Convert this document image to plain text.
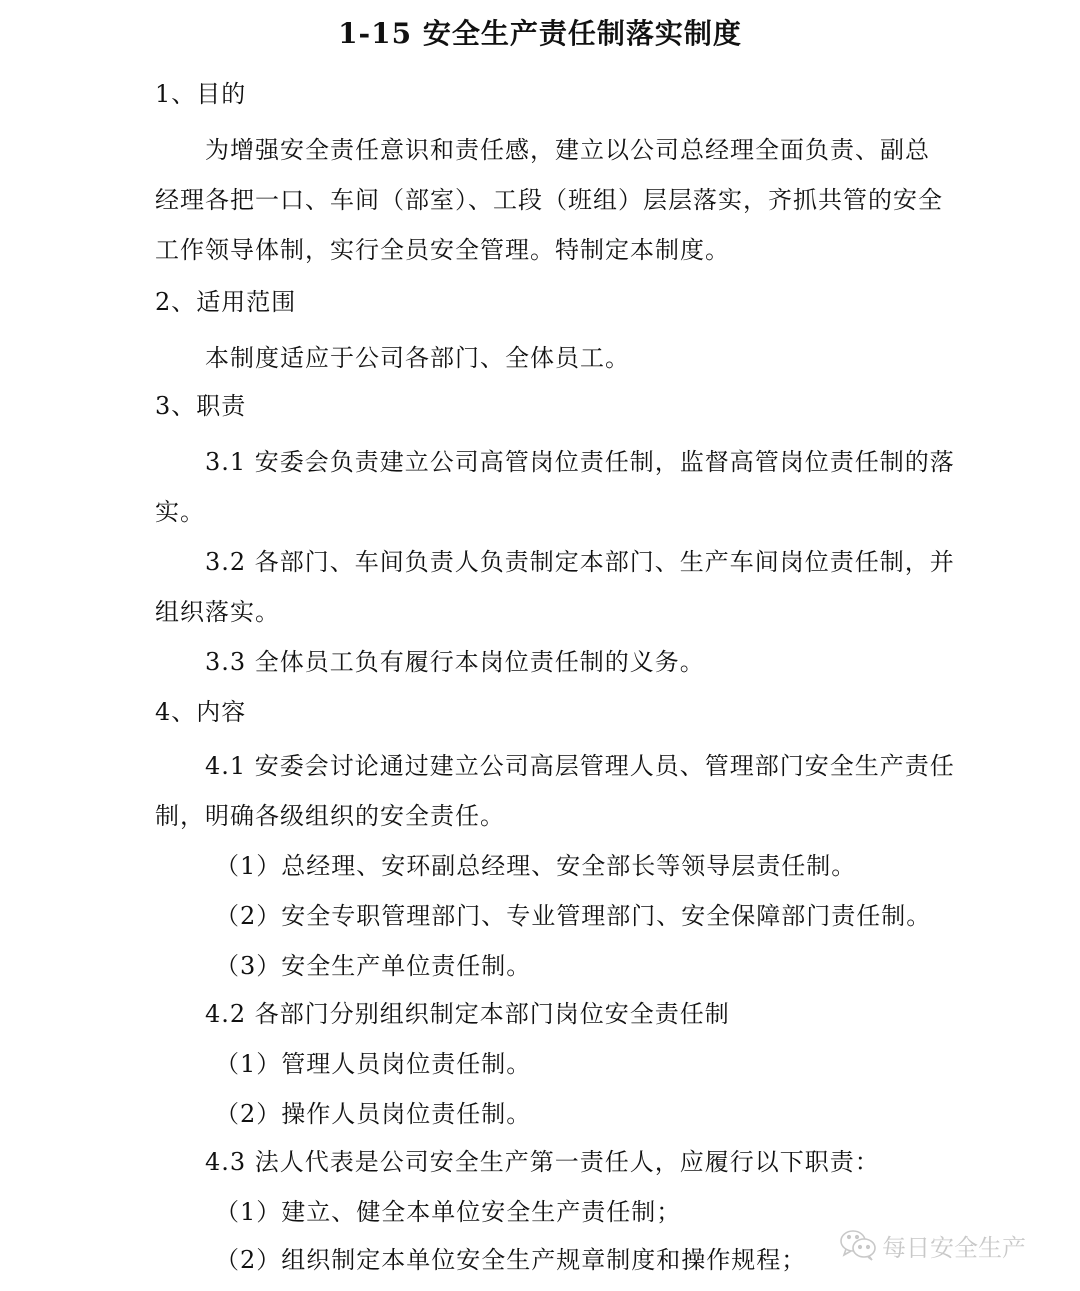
1-15 安全生产责任制落实制度
1、目的
为增强安全责任意识和责任感，建立以公司总经理全面负责、副总
经理各把一口、车间（部室）、工段（班组）层层落实，齐抓共管的安全
工作领导体制，实行全员安全管理。特制定本制度。
2、适用范围
本制度适应于公司各部门、全体员工。
3、职责
3.1 安委会负责建立公司高管岗位责任制，监督高管岗位责任制的落
实。
3.2 各部门、车间负责人负责制定本部门、生产车间岗位责任制，并
组织落实。
3.3 全体员工负有履行本岗位责任制的义务。
4、内容
4.1 安委会讨论通过建立公司高层管理人员、管理部门安全生产责任
制，明确各级组织的安全责任。
（1）总经理、安环副总经理、安全部长等领导层责任制。
（2）安全专职管理部门、专业管理部门、安全保障部门责任制。
（3）安全生产单位责任制。
4.2 各部门分别组织制定本部门岗位安全责任制
（1）管理人员岗位责任制。
（2）操作人员岗位责任制。
4.3 法人代表是公司安全生产第一责任人，应履行以下职责：
（1）建立、健全本单位安全生产责任制；
（2）组织制定本单位安全生产规章制度和操作规程；	每日安全生产
